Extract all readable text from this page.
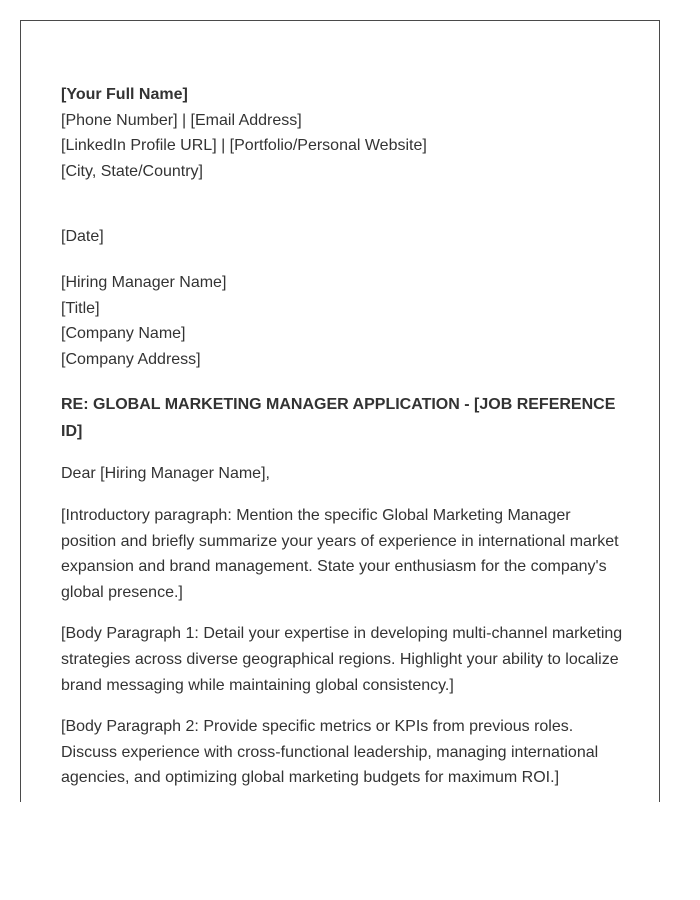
[Your Full Name]
[Phone Number] | [Email Address]
[LinkedIn Profile URL] | [Portfolio/Personal Website]
[City, State/Country]
[Date]
[Hiring Manager Name]
[Title]
[Company Name]
[Company Address]
RE: GLOBAL MARKETING MANAGER APPLICATION - [JOB REFERENCE ID]
Dear [Hiring Manager Name],
[Introductory paragraph: Mention the specific Global Marketing Manager position and briefly summarize your years of experience in international market expansion and brand management. State your enthusiasm for the company's global presence.]
[Body Paragraph 1: Detail your expertise in developing multi-channel marketing strategies across diverse geographical regions. Highlight your ability to localize brand messaging while maintaining global consistency.]
[Body Paragraph 2: Provide specific metrics or KPIs from previous roles. Discuss experience with cross-functional leadership, managing international agencies, and optimizing global marketing budgets for maximum ROI.]
